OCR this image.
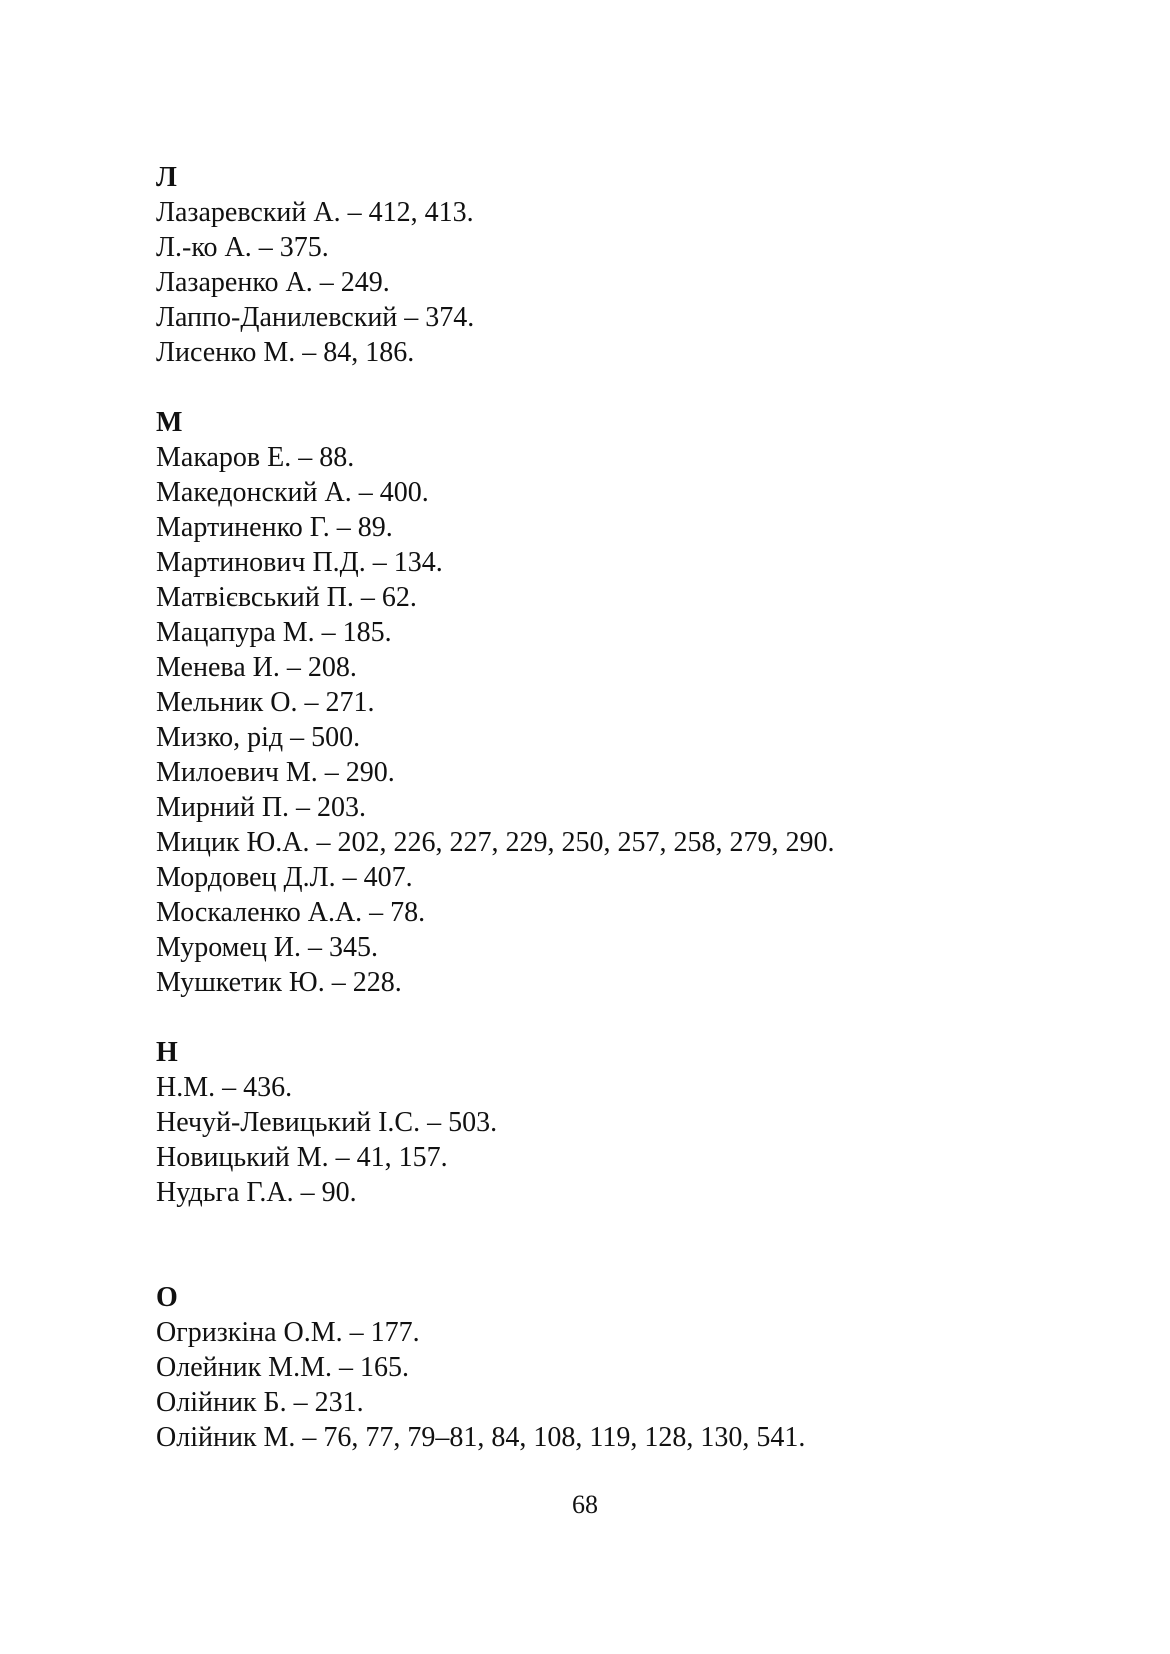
Л
Лазаревский А. – 412, 413.
Л.-ко А. – 375.
Лазаренко А. – 249.
Лаппо-Данилевский – 374.
Лисенко М. – 84, 186.
М
Макаров Е. – 88.
Македонский А. – 400.
Мартиненко Г. – 89.
Мартинович П.Д. – 134.
Матвієвський П. – 62.
Мацапура М. – 185.
Менева И. – 208.
Мельник О. – 271.
Мизко, рід – 500.
Милоевич М. – 290.
Мирний П. – 203.
Мицик Ю.А. – 202, 226, 227, 229, 250, 257, 258, 279, 290.
Мордовец Д.Л. – 407.
Москаленко А.А. – 78.
Муромец И. – 345.
Мушкетик Ю. – 228.
Н
Н.М. – 436.
Нечуй-Левицький І.С. – 503.
Новицький М. – 41, 157.
Нудьга Г.А. – 90.
О
Огризкіна О.М. – 177.
Олейник М.М. – 165.
Олійник Б. – 231.
Олійник М. – 76, 77, 79–81, 84, 108, 119, 128, 130, 541.
68
